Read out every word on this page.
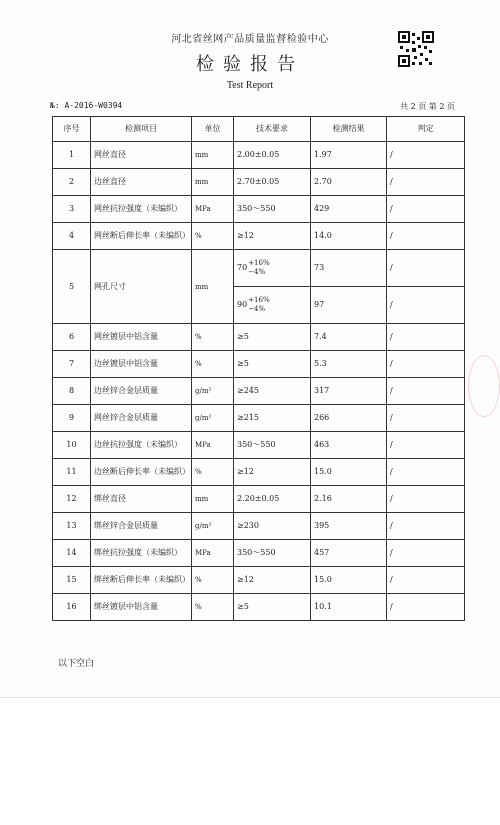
河北省丝网产品质量监督检验中心
检验报告
Test Report
№: A-2016-W0394	共 2 页 第 2 页
序号	检测项目	单位	技术要求	检测结果	判定
1	网丝直径	mm	2.00±0.05	1.97	/
2	边丝直径	mm	2.70±0.05	2.70	/
3	网丝抗拉强度（未编织）	MPa	350～550	429	/
4	网丝断后伸长率（未编织）	%	≥12	14.0	/
5	网孔尺寸	mm	70 +16%
−4%	73	/

			90 +16%
−4%	97	/
6	网丝镀层中铝含量	%	≥5	7.4	/
7	边丝镀层中铝含量	%	≥5	5.3	/
8	边丝锌合金层质量	g/m²	≥245	317	/
9	网丝锌合金层质量	g/m²	≥215	266	/
10	边丝抗拉强度（未编织）	MPa	350～550	463	/
11	边丝断后伸长率（未编织）	%	≥12	15.0	/
12	绑丝直径	mm	2.20±0.05	2.16	/
13	绑丝锌合金层质量	g/m²	≥230	395	/
14	绑丝抗拉强度（未编织）	MPa	350～550	457	/
15	绑丝断后伸长率（未编织）	%	≥12	15.0	/
16	绑丝镀层中铝含量	%	≥5	10.1	/
以下空白
